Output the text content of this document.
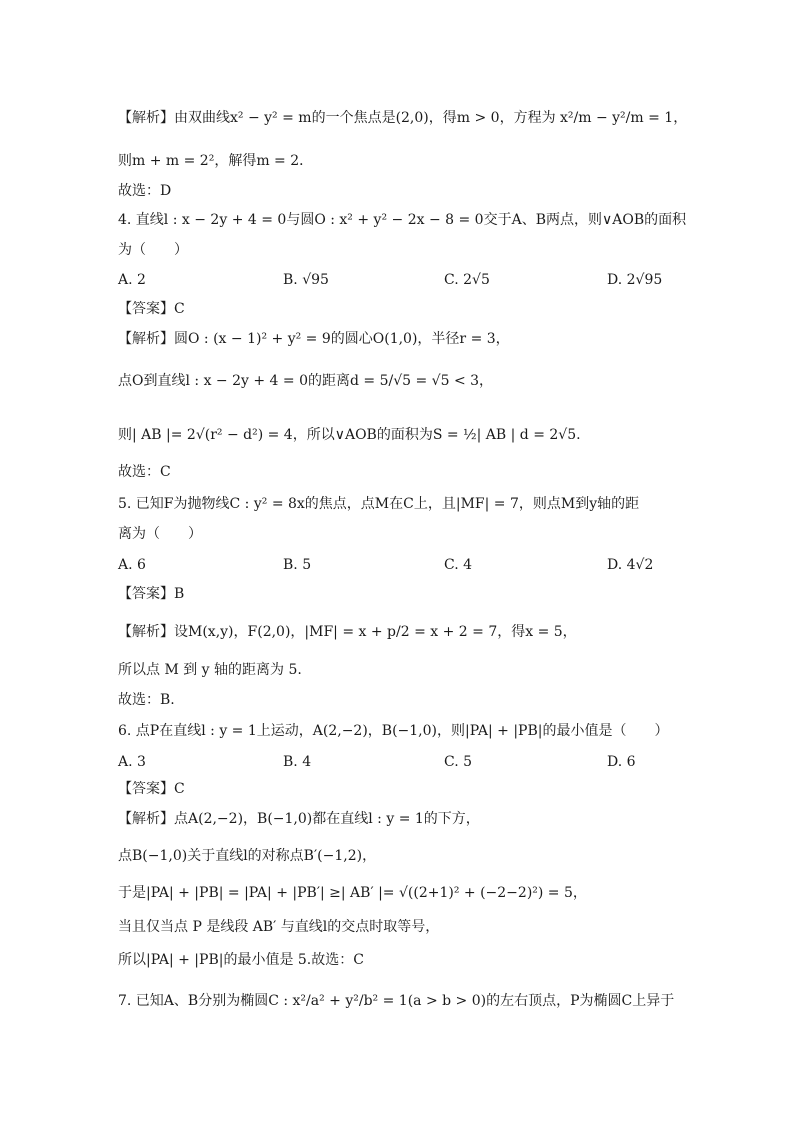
【解析】由双曲线x² − y² = m的一个焦点是(2,0)，得m > 0，方程为 x²/m − y²/m = 1，
则m + m = 2²，解得m = 2．
故选：D
4. 直线l : x − 2y + 4 = 0与圆O : x² + y² − 2x − 8 = 0交于A、B两点，则∨AOB的面积
为（　　）
A. 2	B. √95	C. 2√5	D. 2√95
【答案】C
【解析】圆O : (x − 1)² + y² = 9的圆心O(1,0)，半径r = 3，
点O到直线l : x − 2y + 4 = 0的距离d = 5/√5 = √5 < 3，
则| AB |= 2√(r² − d²) = 4，所以∨AOB的面积为S = ½| AB | d = 2√5.
故选：C
5. 已知F为抛物线C : y² = 8x的焦点，点M在C上，且|MF| = 7，则点M到y轴的距
离为（　　）
A. 6	B. 5	C. 4	D. 4√2
【答案】B
【解析】设M(x,y)，F(2,0)，|MF| = x + p/2 = x + 2 = 7，得x = 5，
所以点 M 到 y 轴的距离为 5.
故选：B.
6. 点P在直线l : y = 1上运动，A(2,−2)，B(−1,0)，则|PA| + |PB|的最小值是（　　）
A. 3	B. 4	C. 5	D. 6
【答案】C
【解析】点A(2,−2)，B(−1,0)都在直线l : y = 1的下方，
点B(−1,0)关于直线l的对称点B′(−1,2)，
于是|PA| + |PB| = |PA| + |PB′| ≥| AB′ |= √((2+1)² + (−2−2)²) = 5，
当且仅当点 P 是线段 AB′ 与直线l的交点时取等号，
所以|PA| + |PB|的最小值是 5.故选：C
7. 已知A、B分别为椭圆C : x²/a² + y²/b² = 1(a > b > 0)的左右顶点，P为椭圆C上异于
